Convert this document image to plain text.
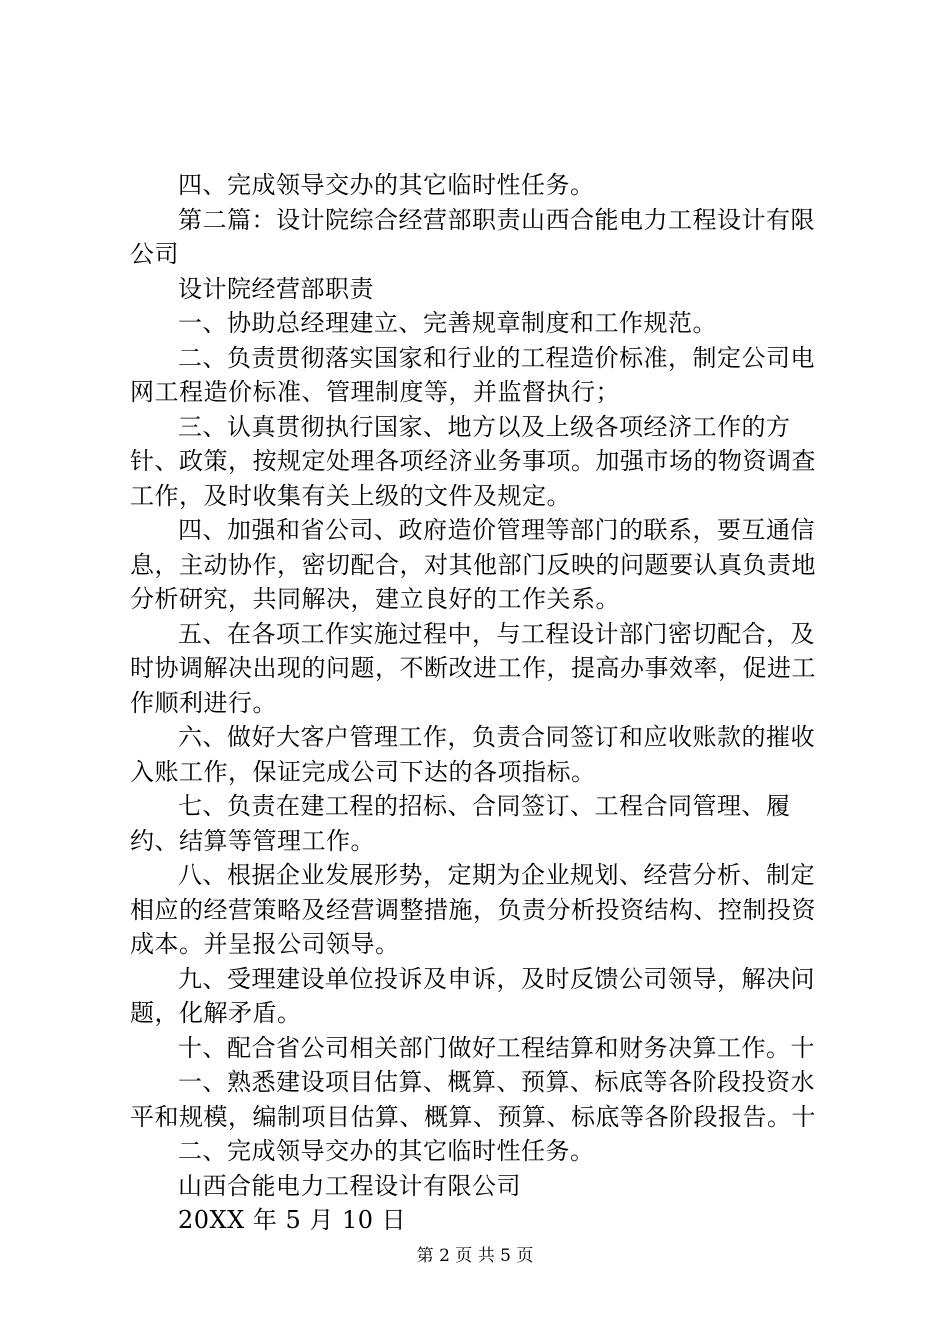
四、完成领导交办的其它临时性任务。

第二篇：设计院综合经营部职责山西合能电力工程设计有限公司

设计院经营部职责

一、协助总经理建立、完善规章制度和工作规范。

二、负责贯彻落实国家和行业的工程造价标准，制定公司电网工程造价标准、管理制度等，并监督执行；

三、认真贯彻执行国家、地方以及上级各项经济工作的方针、政策，按规定处理各项经济业务事项。加强市场的物资调查工作，及时收集有关上级的文件及规定。

四、加强和省公司、政府造价管理等部门的联系，要互通信息，主动协作，密切配合，对其他部门反映的问题要认真负责地分析研究，共同解决，建立良好的工作关系。

五、在各项工作实施过程中，与工程设计部门密切配合，及时协调解决出现的问题，不断改进工作，提高办事效率，促进工作顺利进行。

六、做好大客户管理工作，负责合同签订和应收账款的摧收入账工作，保证完成公司下达的各项指标。

七、负责在建工程的招标、合同签订、工程合同管理、履约、结算等管理工作。

八、根据企业发展形势，定期为企业规划、经营分析、制定相应的经营策略及经营调整措施，负责分析投资结构、控制投资成本。并呈报公司领导。

九、受理建设单位投诉及申诉，及时反馈公司领导，解决问题，化解矛盾。

十、配合省公司相关部门做好工程结算和财务决算工作。十

一、熟悉建设项目估算、概算、预算、标底等各阶段投资水平和规模，编制项目估算、概算、预算、标底等各阶段报告。十

二、完成领导交办的其它临时性任务。

山西合能电力工程设计有限公司

20XX 年 5 月 10 日

第 2 页 共 5 页
